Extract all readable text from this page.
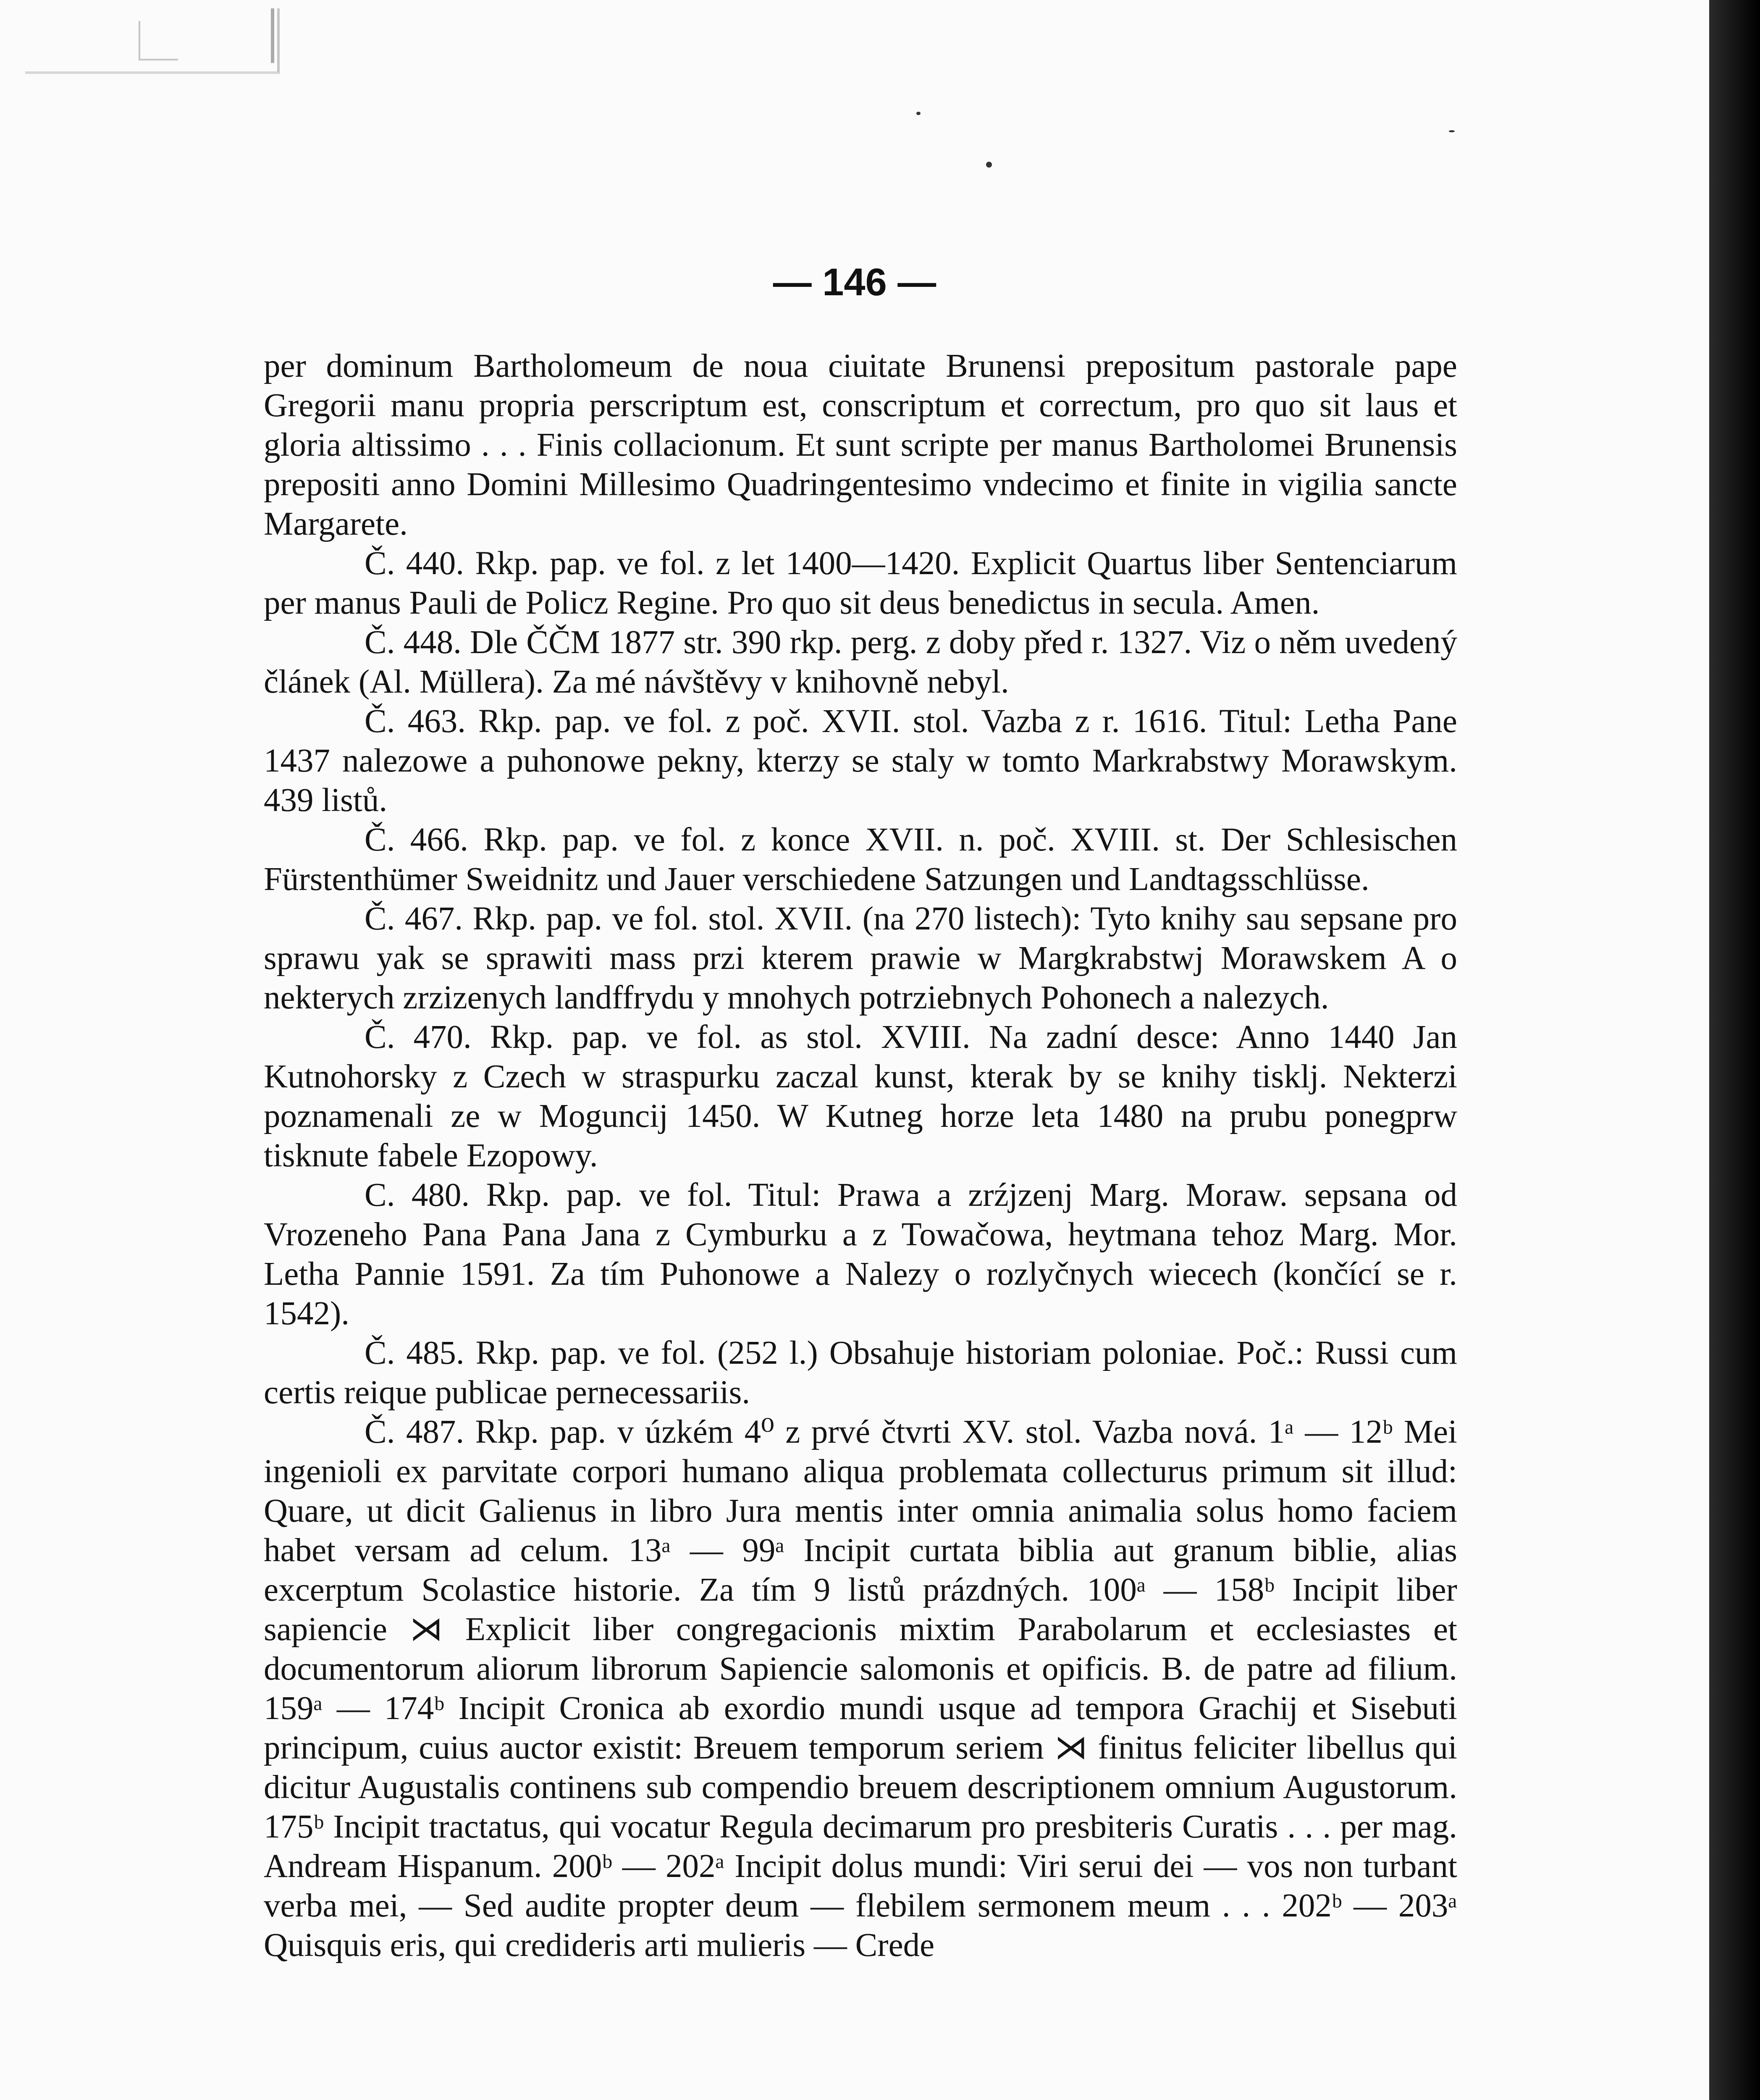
— 146 —

per dominum Bartholomeum de noua ciuitate Brunensi prepositum pastorale pape Gregorii manu propria perscriptum est, conscriptum et correctum, pro quo sit laus et gloria altissimo . . . Finis collacionum. Et sunt scripte per manus Bartholomei Brunensis prepositi anno Domini Millesimo Quadringentesimo vndecimo et finite in vigilia sancte Margarete.

Č. 440. Rkp. pap. ve fol. z let 1400—1420. Explicit Quartus liber Sentenciarum per manus Pauli de Policz Regine. Pro quo sit deus benedictus in secula. Amen.

Č. 448. Dle ČČM 1877 str. 390 rkp. perg. z doby před r. 1327. Viz o něm uvedený článek (Al. Müllera). Za mé návštěvy v knihovně nebyl.

Č. 463. Rkp. pap. ve fol. z poč. XVII. stol. Vazba z r. 1616. Titul: Letha Pane 1437 nalezowe a puhonowe pekny, kterzy se staly w tomto Markrabstwy Morawskym. 439 listů.

Č. 466. Rkp. pap. ve fol. z konce XVII. n. poč. XVIII. st. Der Schlesischen Fürstenthümer Sweidnitz und Jauer verschiedene Satzungen und Landtagsschlüsse.

Č. 467. Rkp. pap. ve fol. stol. XVII. (na 270 listech): Tyto knihy sau sepsane pro sprawu yak se sprawiti mass przi kterem prawie w Margkrabstwj Morawskem A o nekterych zrzizenych landffrydu y mnohych potrziebnych Pohonech a nalezych.

Č. 470. Rkp. pap. ve fol. as stol. XVIII. Na zadní desce: Anno 1440 Jan Kutnohorsky z Czech w straspurku zaczal kunst, kterak by se knihy tisklj. Nekterzi poznamenali ze w Moguncij 1450. W Kutneg horze leta 1480 na prubu ponegprw tisknute fabele Ezopowy.

C. 480. Rkp. pap. ve fol. Titul: Prawa a zrźjzenj Marg. Moraw. sepsana od Vrozeneho Pana Pana Jana z Cymburku a z Towačowa, heytmana tehoz Marg. Mor. Letha Pannie 1591. Za tím Puhonowe a Nalezy o rozlyčnych wiecech (končící se r. 1542).

Č. 485. Rkp. pap. ve fol. (252 l.) Obsahuje historiam poloniae. Poč.: Russi cum certis reique publicae pernecessariis.

Č. 487. Rkp. pap. v úzkém 4⁰ z prvé čtvrti XV. stol. Vazba nová. 1ᵃ — 12ᵇ Mei ingenioli ex parvitate corpori humano aliqua problemata collecturus primum sit illud: Quare, ut dicit Galienus in libro Jura mentis inter omnia animalia solus homo faciem habet versam ad celum. 13ᵃ — 99ᵃ Incipit curtata biblia aut granum biblie, alias excerptum Scolastice historie. Za tím 9 listů prázdných. 100ᵃ — 158ᵇ Incipit liber sapiencie ⋊ Explicit liber congregacionis mixtim Parabolarum et ecclesiastes et documentorum aliorum librorum Sapiencie salomonis et opificis. B. de patre ad filium. 159ᵃ — 174ᵇ Incipit Cronica ab exordio mundi usque ad tempora Grachij et Sisebuti principum, cuius auctor existit: Breuem temporum seriem ⋊ finitus feliciter libellus qui dicitur Augustalis continens sub compendio breuem descriptionem omnium Augustorum. 175ᵇ Incipit tractatus, qui vocatur Regula decimarum pro presbiteris Curatis . . . per mag. Andream Hispanum. 200ᵇ — 202ᵃ Incipit dolus mundi: Viri serui dei — vos non turbant verba mei, — Sed audite propter deum — flebilem sermonem meum . . . 202ᵇ — 203ᵃ Quisquis eris, qui credideris arti mulieris — Crede
